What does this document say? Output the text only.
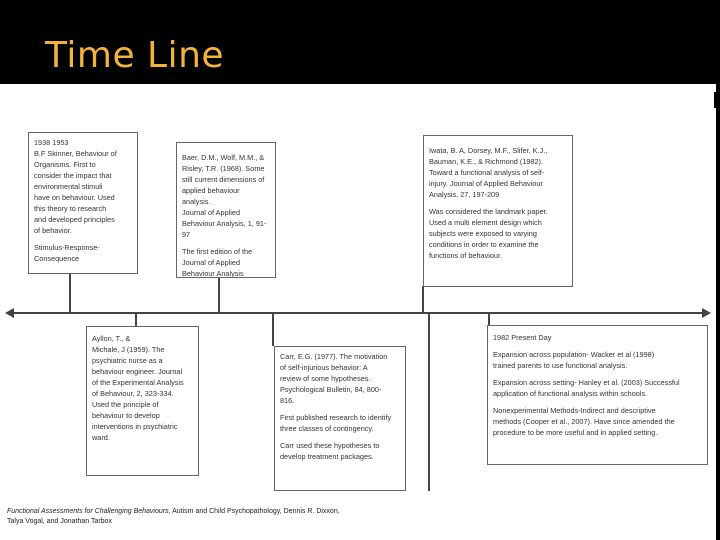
Time Line

1938 1953
B.F Skinner, Behaviour of
Organisms. First to
consider the impact that
environmental stimuli
have on behaviour. Used
this theory to research
and developed principles
of behavior.

Stimulus-Response-
Consequence

Baer, D.M., Wolf, M.M., &
Risley, T.R. (1968). Some
still current dimensions of
applied behaviour analysis.
Journal of Applied
Behaviour Analysis, 1, 91-97

The first edition of the
Journal of Applied
Behaviour Analysis

Iwata, B. A, Dorsey, M.F., Slifer, K.J.,
Bauman, K.E., & Richmond (1982).
Toward a functional analysis of self-
injury. Journal of Applied Behaviour
Analysis, 27, 197-209

Was considered the landmark paper.
Used a multi element design which
subjects were exposed to varying
conditions in order to examine the
functions of behaviour.

Ayllon, T., &
Michale, J (1959). The
psychiatric nurse as a
behaviour engineer. Journal
of the Experimental Analysis
of Behaviour, 2, 323-334.
Used the principle of
behaviour to develop
interventions in psychiatric
ward.

Carr, E.G. (1977). The motivation
of self-injurious behavior: A
review of some hypotheses.
Psychological Bulletin, 84, 800-
816.

First published research to identify
three classes of contingency.

Carr used these hypotheses to
develop treatment packages.

1982 Present Day

Expansion across population- Wacker et al (1998)
trained parents to use functional analysis.

Expansion across setting- Hanley et al. (2003) Successful
application of functional analysis within schools.

Nonexperimental Methods-Indirect and descriptive
methods (Cooper et al., 2007). Have since amended the
procedure to be more useful and in applied setting.

Functional Assessments for Challenging Behaviours, Autism and Child Psychopathology, Dennis R. Dixxon, Talya Vogal, and Jonathan Tarbox
